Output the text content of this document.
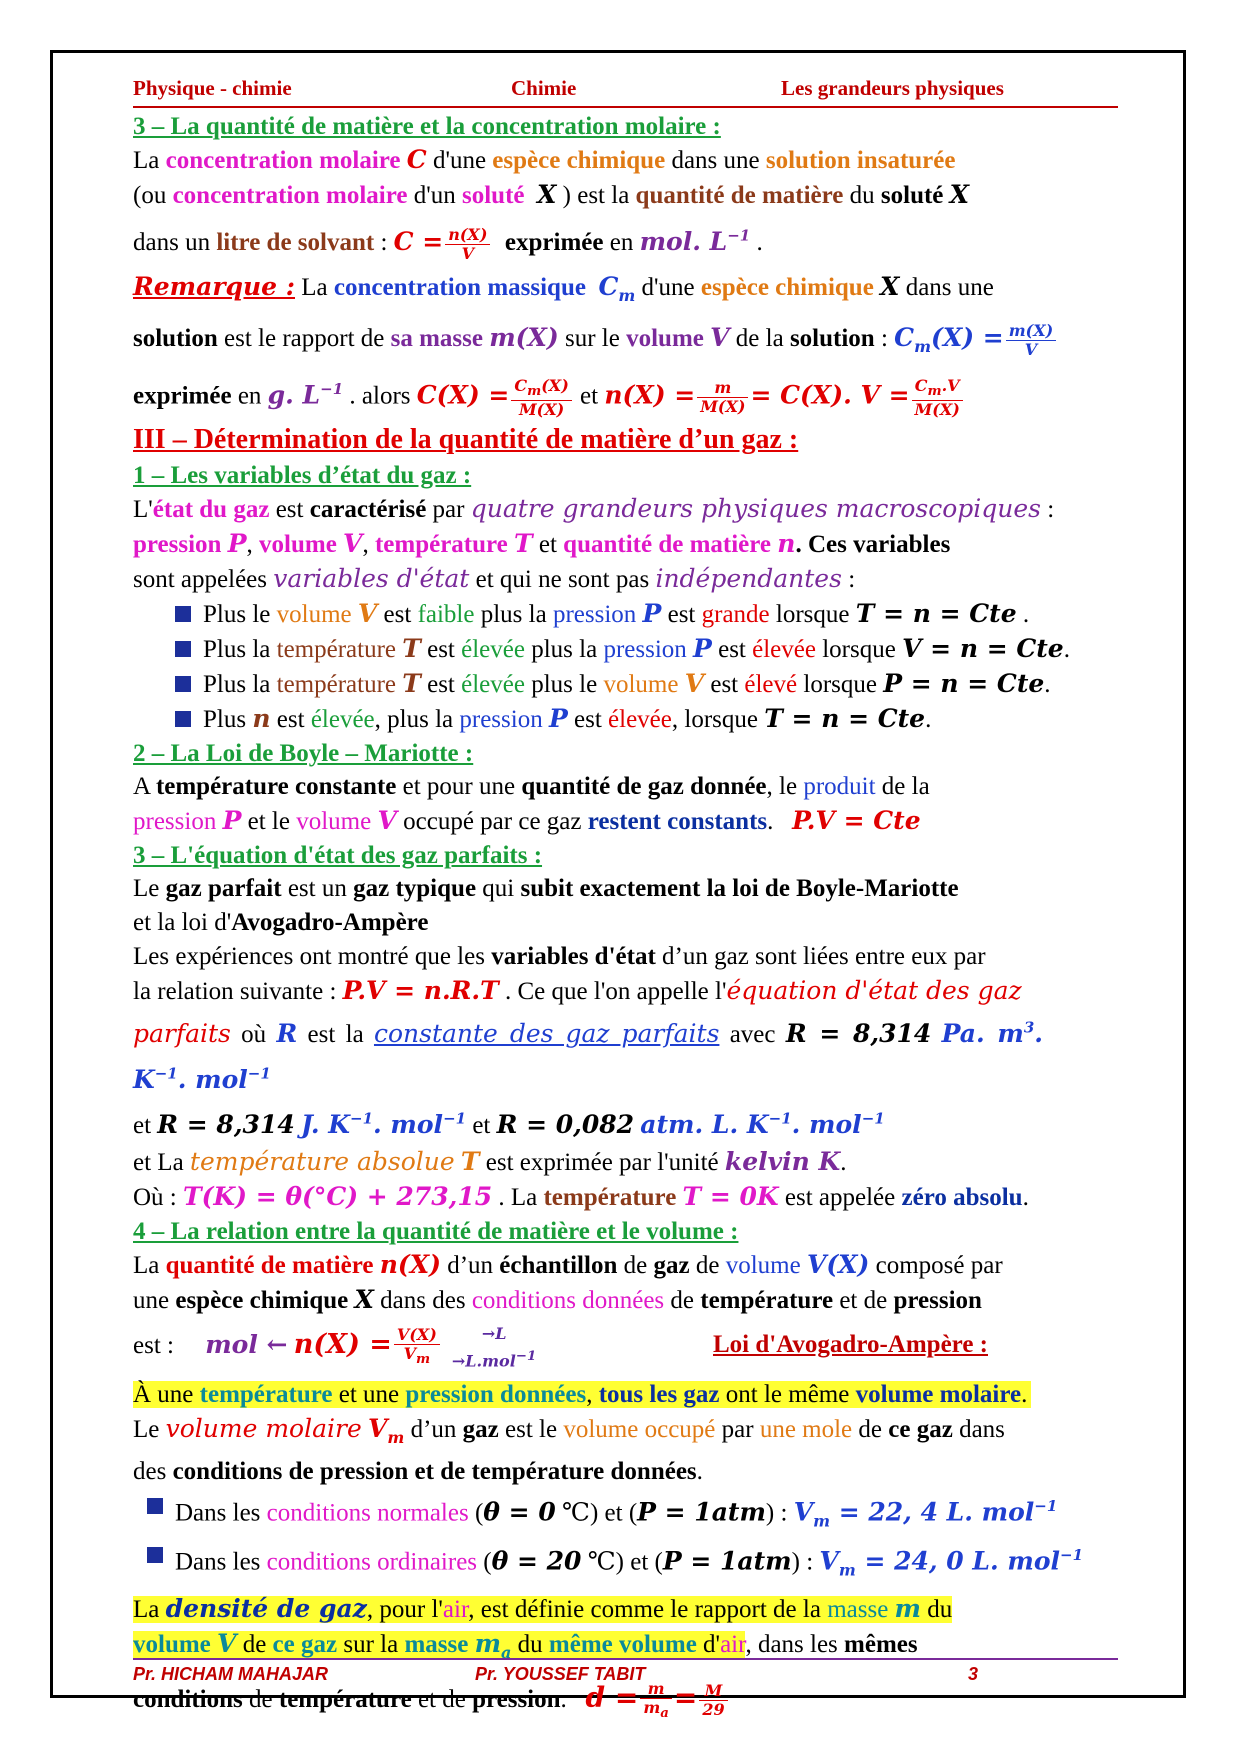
Physique - chimie	Chimie	Les grandeurs physiques

3 – La quantité de matière et la concentration molaire :

La concentration molaire C d'une espèce chimique dans une solution insaturée
(ou concentration molaire d'un soluté X ) est la quantité de matière du soluté X
dans un litre de solvant : $C = \frac{n(X)}{V}$ exprimée en mol. $L^{-1}$ .
Remarque : La concentration massique $C_m$ d'une espèce chimique X dans une
solution est le rapport de sa masse m(X) sur le volume V de la solution : $C_m(X) = \frac{m(X)}{V}$

exprimée en g. $L^{-1}$ . alors $C(X) = \frac{C_m(X)}{M(X)}$ et $n(X) = \frac{m}{M(X)} = C(X)$. $V = \frac{C_m.V}{M(X)}$

III – Détermination de la quantité de matière d’un gaz :

1 – Les variables d’état du gaz :

L'état du gaz est caractérisé par quatre grandeurs physiques macroscopiques :
pression P, volume V, température T et quantité de matière n. Ces variables
sont appelées variables d'état et qui ne sont pas indépendantes :
Plus le volume V est faible plus la pression P est grande lorsque T = n = Cte .
Plus la température T est élevée plus la pression P est élevée lorsque V = n = Cte.
Plus la température T est élevée plus le volume V est élevé lorsque P = n = Cte.
Plus n est élevée, plus la pression P est élevée, lorsque T = n = Cte.

2 – La Loi de Boyle – Mariotte :

A température constante et pour une quantité de gaz donnée, le produit de la
pression P et le volume V occupé par ce gaz restent constants. P.V = Cte

3 – L'équation d'état des gaz parfaits :

Le gaz parfait est un gaz typique qui subit exactement la loi de Boyle-Mariotte
et la loi d'Avogadro-Ampère
Les expériences ont montré que les variables d'état d’un gaz sont liées entre eux par
la relation suivante : P.V = n.R.T . Ce que l'on appelle l'équation d'état des gaz
parfaits où R est la constante des gaz parfaits avec R = 8,314 Pa. $m^3$. $K^{-1}$. mol$^{-1}$
et R = 8,314 J. $K^{-1}$. mol$^{-1}$ et R = 0,082 atm. L. $K^{-1}$. mol$^{-1}$
et La température absolue T est exprimée par l'unité kelvin K.
Où : T(K) = θ(°C) + 273,15 . La température T = 0K est appelée zéro absolu.

4 – La relation entre la quantité de matière et le volume :

La quantité de matière n(X) d’un échantillon de gaz de volume V(X) composé par
une espèce chimique X dans des conditions données de température et de pression

est : mol ← $n(X) = \frac{V(X)}{V_m}$	→L
→L.mol$^{-1}$	Loi d'Avogadro-Ampère :
À une température et une pression données, tous les gaz ont le même volume molaire.
Le volume molaire $V_m$ d’un gaz est le volume occupé par une mole de ce gaz dans
des conditions de pression et de température données.
Dans les conditions normales (θ = 0 ℃) et (P = 1atm) : $V_m = 22$, 4 L. mol$^{-1}$
Dans les conditions ordinaires (θ = 20 ℃) et (P = 1atm) : $V_m = 24$, 0 L. mol$^{-1}$
La densité de gaz, pour l'air, est définie comme le rapport de la masse m du
volume V de ce gaz sur la masse $m_a$ du même volume d'air, dans les mêmes
conditions de température et de pression. $d = \frac{m}{m_a} = \frac{M}{29}$
Pr. HICHAM MAHAJAR	Pr. YOUSSEF TABIT	3
